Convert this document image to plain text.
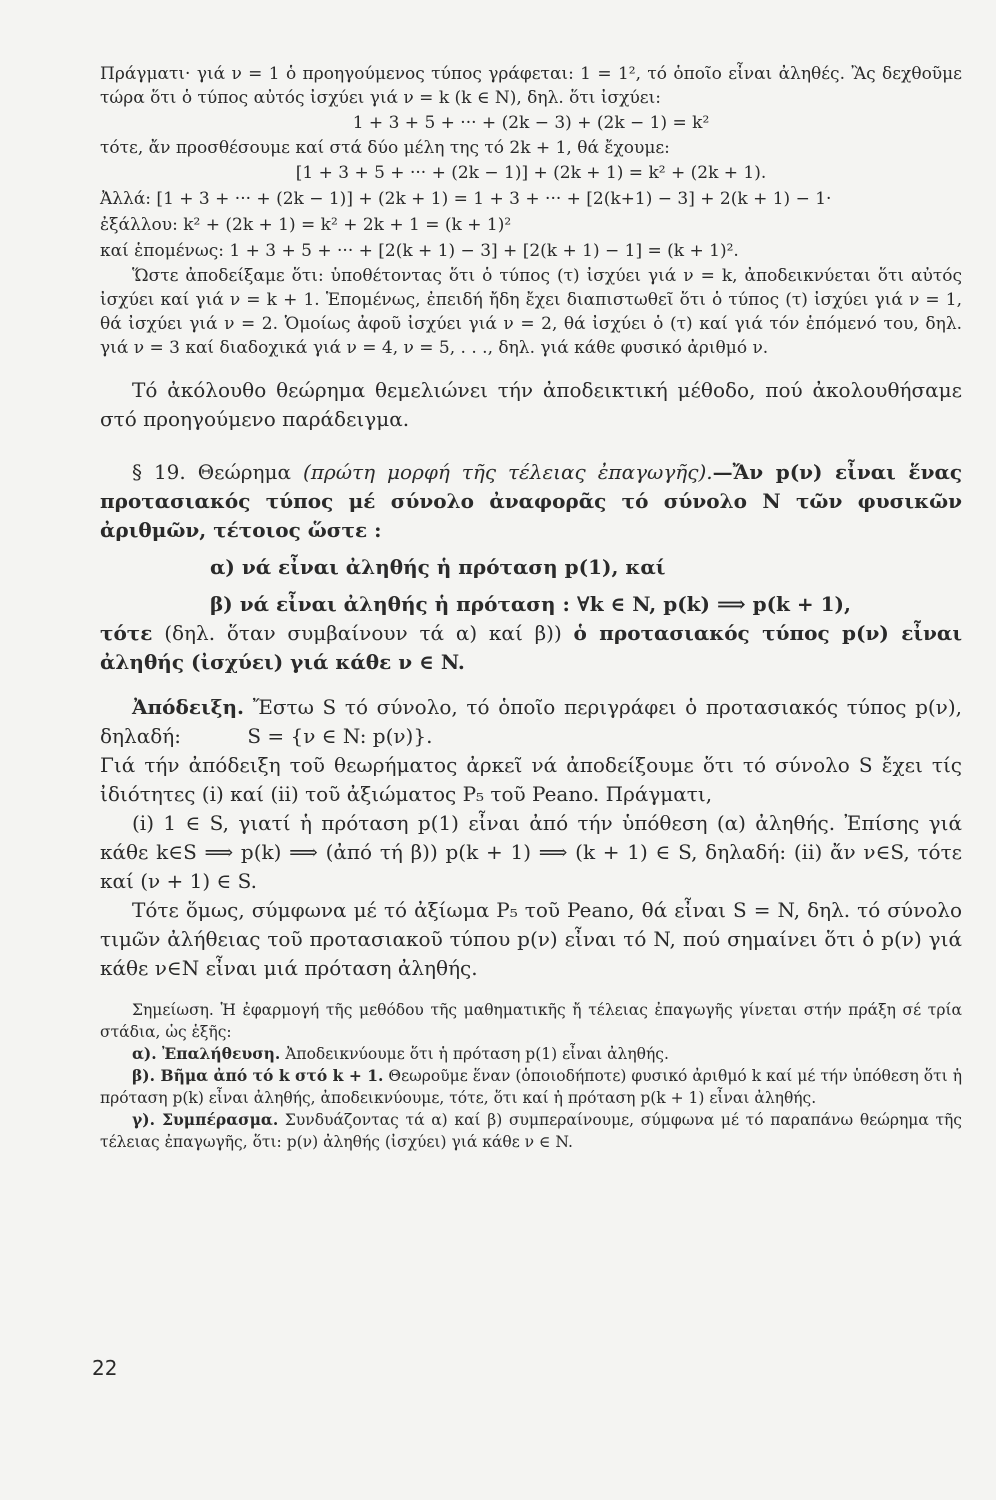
Πράγματι· γιά ν = 1 ὁ προηγούμενος τύπος γράφεται: 1 = 1², τό ὁποῖο εἶναι ἀληθές. Ἂς δεχθοῦμε τώρα ὅτι ὁ τύπος αὐτός ἰσχύει γιά ν = k (k ∈ N), δηλ. ὅτι ἰσχύει:

1 + 3 + 5 + ··· + (2k − 3) + (2k − 1) = k²

τότε, ἄν προσθέσουμε καί στά δύο μέλη της τό 2k + 1, θά ἔχουμε:

[1 + 3 + 5 + ··· + (2k − 1)] + (2k + 1) = k² + (2k + 1).
Ἀλλά: [1 + 3 + ··· + (2k − 1)] + (2k + 1) = 1 + 3 + ··· + [2(k+1) − 3] + 2(k + 1) − 1·
ἐξάλλου: k² + (2k + 1) = k² + 2k + 1 = (k + 1)²
καί ἑπομένως: 1 + 3 + 5 + ··· + [2(k + 1) − 3] + [2(k + 1) − 1] = (k + 1)².

Ὥστε ἀποδείξαμε ὅτι: ὑποθέτοντας ὅτι ὁ τύπος (τ) ἰσχύει γιά ν = k, ἀποδεικνύεται ὅτι αὐτός ἰσχύει καί γιά ν = k + 1. Ἑπομένως, ἐπειδή ἤδη ἔχει διαπιστωθεῖ ὅτι ὁ τύπος (τ) ἰσχύει γιά ν = 1, θά ἰσχύει γιά ν = 2. Ὁμοίως ἀφοῦ ἰσχύει γιά ν = 2, θά ἰσχύει ὁ (τ) καί γιά τόν ἑπόμενό του, δηλ. γιά ν = 3 καί διαδοχικά γιά ν = 4, ν = 5, . . ., δηλ. γιά κάθε φυσικό ἀριθμό ν.

Τό ἀκόλουθο θεώρημα θεμελιώνει τήν ἀποδεικτική μέθοδο, πού ἀκολουθήσαμε στό προηγούμενο παράδειγμα.

§ 19. Θεώρημα (πρώτη μορφή τῆς τέλειας ἐπαγωγῆς).—Ἄν p(ν) εἶναι ἕνας προτασιακός τύπος μέ σύνολο ἀναφορᾶς τό σύνολο N τῶν φυσικῶν ἀριθμῶν, τέτοιος ὥστε :

α) νά εἶναι ἀληθής ἡ πρόταση p(1), καί

β) νά εἶναι ἀληθής ἡ πρόταση : ∀k ∈ N, p(k) ⟹ p(k + 1),

τότε (δηλ. ὅταν συμβαίνουν τά α) καί β)) ὁ προτασιακός τύπος p(ν) εἶναι ἀληθής (ἰσχύει) γιά κάθε ν ∈ N.

Ἀπόδειξη. Ἔστω S τό σύνολο, τό ὁποῖο περιγράφει ὁ προτασιακός τύπος p(ν), δηλαδή:	S = {ν ∈ N: p(ν)}.

Γιά τήν ἀπόδειξη τοῦ θεωρήματος ἀρκεῖ νά ἀποδείξουμε ὅτι τό σύνολο S ἔχει τίς ἰδιότητες (i) καί (ii) τοῦ ἀξιώματος P₅ τοῦ Peano. Πράγματι,

(i) 1 ∈ S, γιατί ἡ πρόταση p(1) εἶναι ἀπό τήν ὑπόθεση (α) ἀληθής. Ἐπίσης γιά κάθε k∈S ⟹ p(k) ⟹ (ἀπό τή β)) p(k + 1) ⟹ (k + 1) ∈ S, δηλαδή: (ii) ἄν ν∈S, τότε καί (ν + 1) ∈ S.

Τότε ὅμως, σύμφωνα μέ τό ἀξίωμα P₅ τοῦ Peano, θά εἶναι S = N, δηλ. τό σύνολο τιμῶν ἀλήθειας τοῦ προτασιακοῦ τύπου p(ν) εἶναι τό N, πού σημαίνει ὅτι ὁ p(ν) γιά κάθε ν∈N εἶναι μιά πρόταση ἀληθής.

Σημείωση. Ἡ ἐφαρμογή τῆς μεθόδου τῆς μαθηματικῆς ἤ τέλειας ἐπαγωγῆς γίνεται στήν πράξη σέ τρία στάδια, ὡς ἑξῆς:

α). Ἐπαλήθευση. Ἀποδεικνύουμε ὅτι ἡ πρόταση p(1) εἶναι ἀληθής.

β). Βῆμα ἀπό τό k στό k + 1. Θεωροῦμε ἕναν (ὁποιοδήποτε) φυσικό ἀριθμό k καί μέ τήν ὑπόθεση ὅτι ἡ πρόταση p(k) εἶναι ἀληθής, ἀποδεικνύουμε, τότε, ὅτι καί ἡ πρόταση p(k + 1) εἶναι ἀληθής.

γ). Συμπέρασμα. Συνδυάζοντας τά α) καί β) συμπεραίνουμε, σύμφωνα μέ τό παραπάνω θεώρημα τῆς τέλειας ἐπαγωγῆς, ὅτι: p(ν) ἀληθής (ἰσχύει) γιά κάθε ν ∈ N.

22
